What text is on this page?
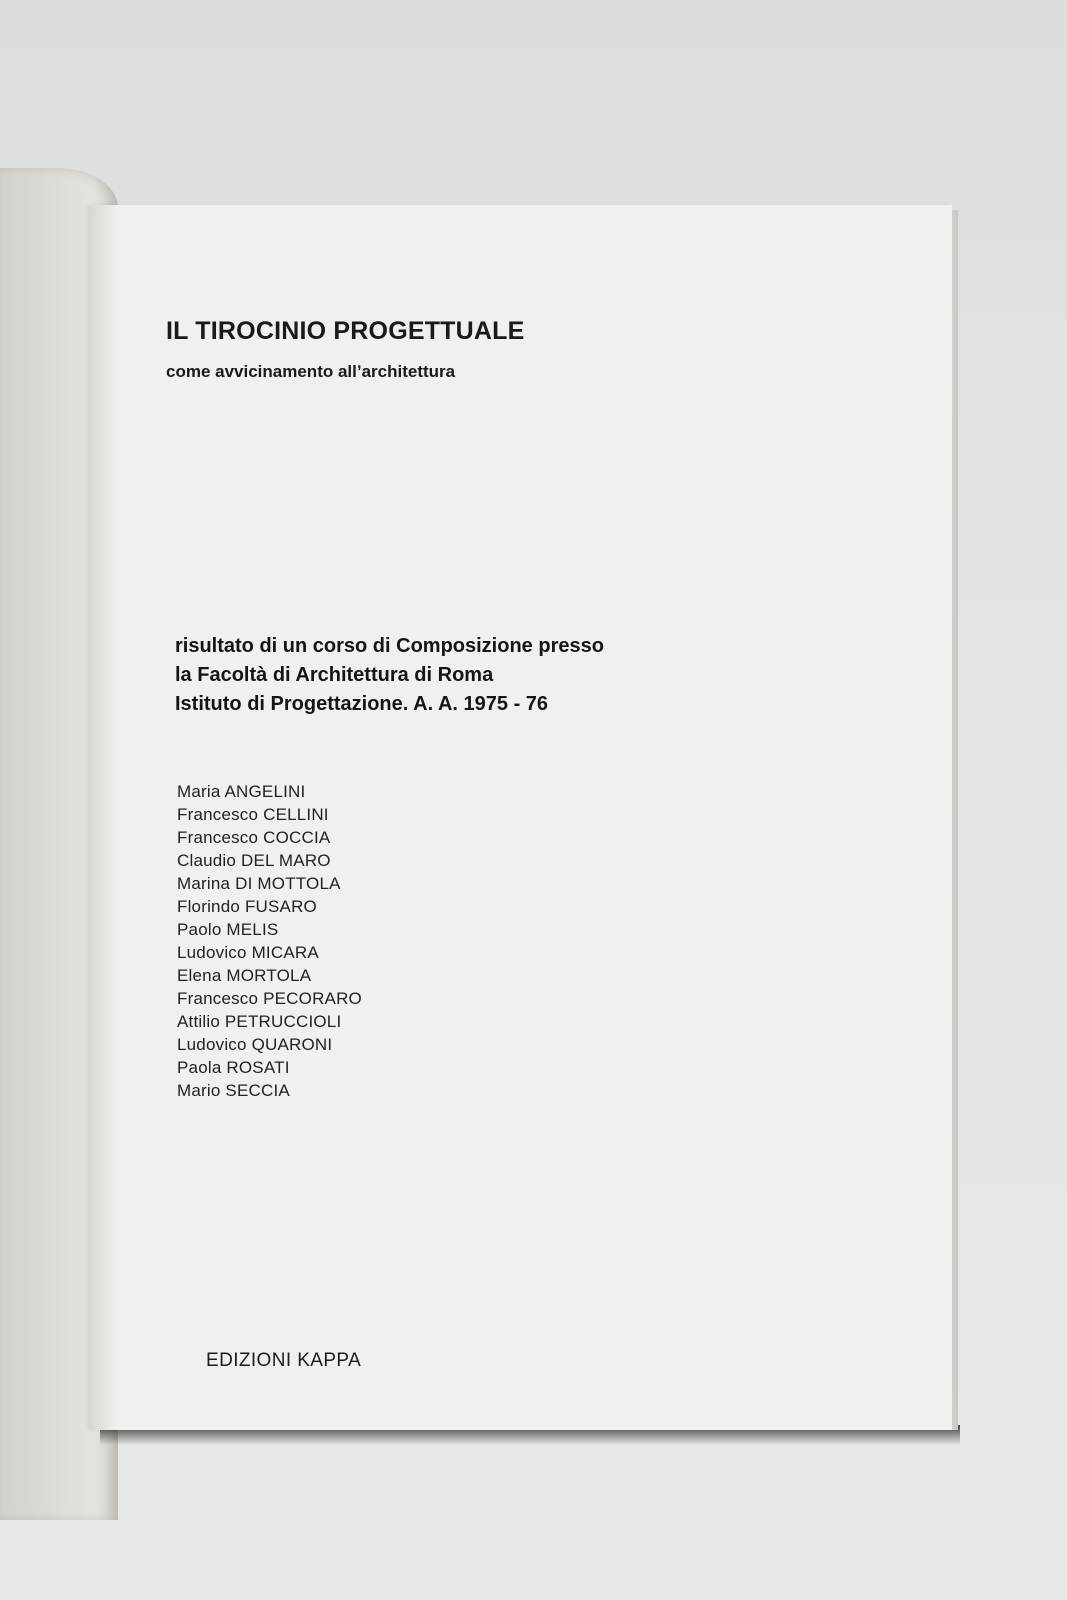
IL TIROCINIO PROGETTUALE

come avvicinamento all’architettura

risultato di un corso di Composizione presso
la Facoltà di Architettura di Roma
Istituto di Progettazione. A. A. 1975 - 76
Maria ANGELINI
Francesco CELLINI
Francesco COCCIA
Claudio DEL MARO
Marina DI MOTTOLA
Florindo FUSARO
Paolo MELIS
Ludovico MICARA
Elena MORTOLA
Francesco PECORARO
Attilio PETRUCCIOLI
Ludovico QUARONI
Paola ROSATI
Mario SECCIA

EDIZIONI KAPPA
